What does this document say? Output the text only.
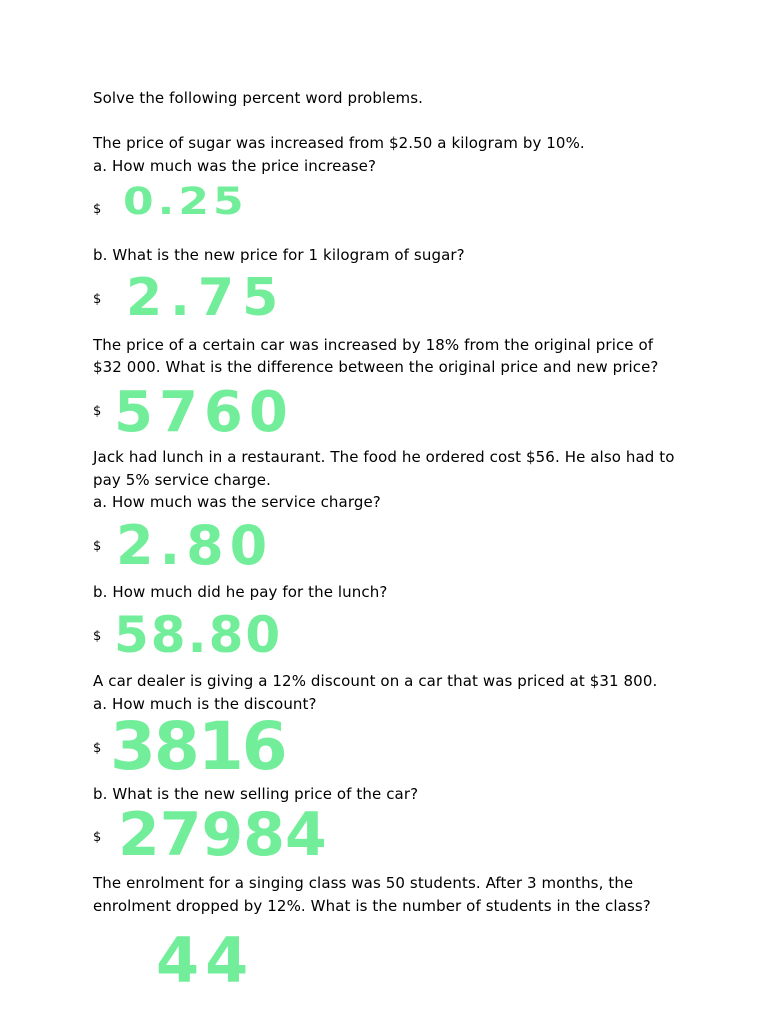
Solve the following percent word problems.
The price of sugar was increased from $2.50 a kilogram by 10%.
a. How much was the price increase?
$ 0.25
b. What is the new price for 1 kilogram of sugar?
$ 2.75
The price of a certain car was increased by 18% from the original price of
$32 000. What is the difference between the original price and new price?
$ 5760
Jack had lunch in a restaurant. The food he ordered cost $56. He also had to
pay 5% service charge.
a. How much was the service charge?
$ 2.80
b. How much did he pay for the lunch?
$ 58.80
A car dealer is giving a 12% discount on a car that was priced at $31 800.
a. How much is the discount?
$ 3816
b. What is the new selling price of the car?
$ 27984
The enrolment for a singing class was 50 students. After 3 months, the
enrolment dropped by 12%. What is the number of students in the class?
44
